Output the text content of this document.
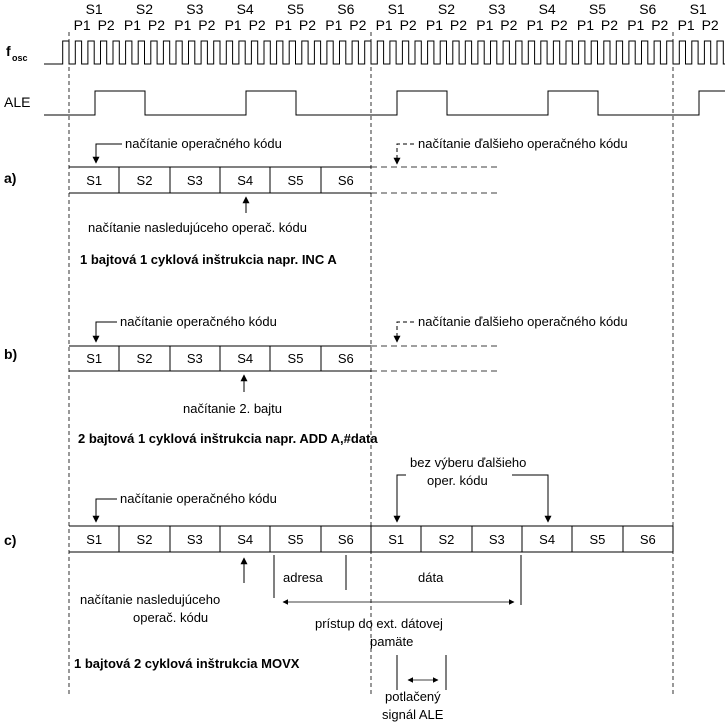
S1
P1 P2
S2
P1 P2
S3
P1 P2
S4
P1 P2
S5
P1 P2
S6
P1 P2
S1
P1 P2
S2
P1 P2
S3
P1 P2
S4
P1 P2
S5
P1 P2
S6
P1 P2
S1
P1 P2
f osc
ALE
a)	S1	S2	S3	S4	S5	S6
načítanie operačného kódu	načítanie ďalšieho operačného kódu
načítanie nasledujúceho operač. kódu
1 bajtová 1 cyklová inštrukcia napr. INC A
b)	S1	S2	S3	S4	S5	S6
načítanie operačného kódu	načítanie ďalšieho operačného kódu
načítanie 2. bajtu
2 bajtová 1 cyklová inštrukcia napr. ADD A,#data
c)	S1	S2	S3	S4	S5	S6	S1	S2	S3	S4	S5	S6
načítanie operačného kódu
bez výberu ďalšieho
oper. kódu
načítanie nasledujúceho
operač. kódu
adresa	dáta
prístup do ext. dátovej
pamäte
1 bajtová 2 cyklová inštrukcia MOVX
potlačený
signál ALE
